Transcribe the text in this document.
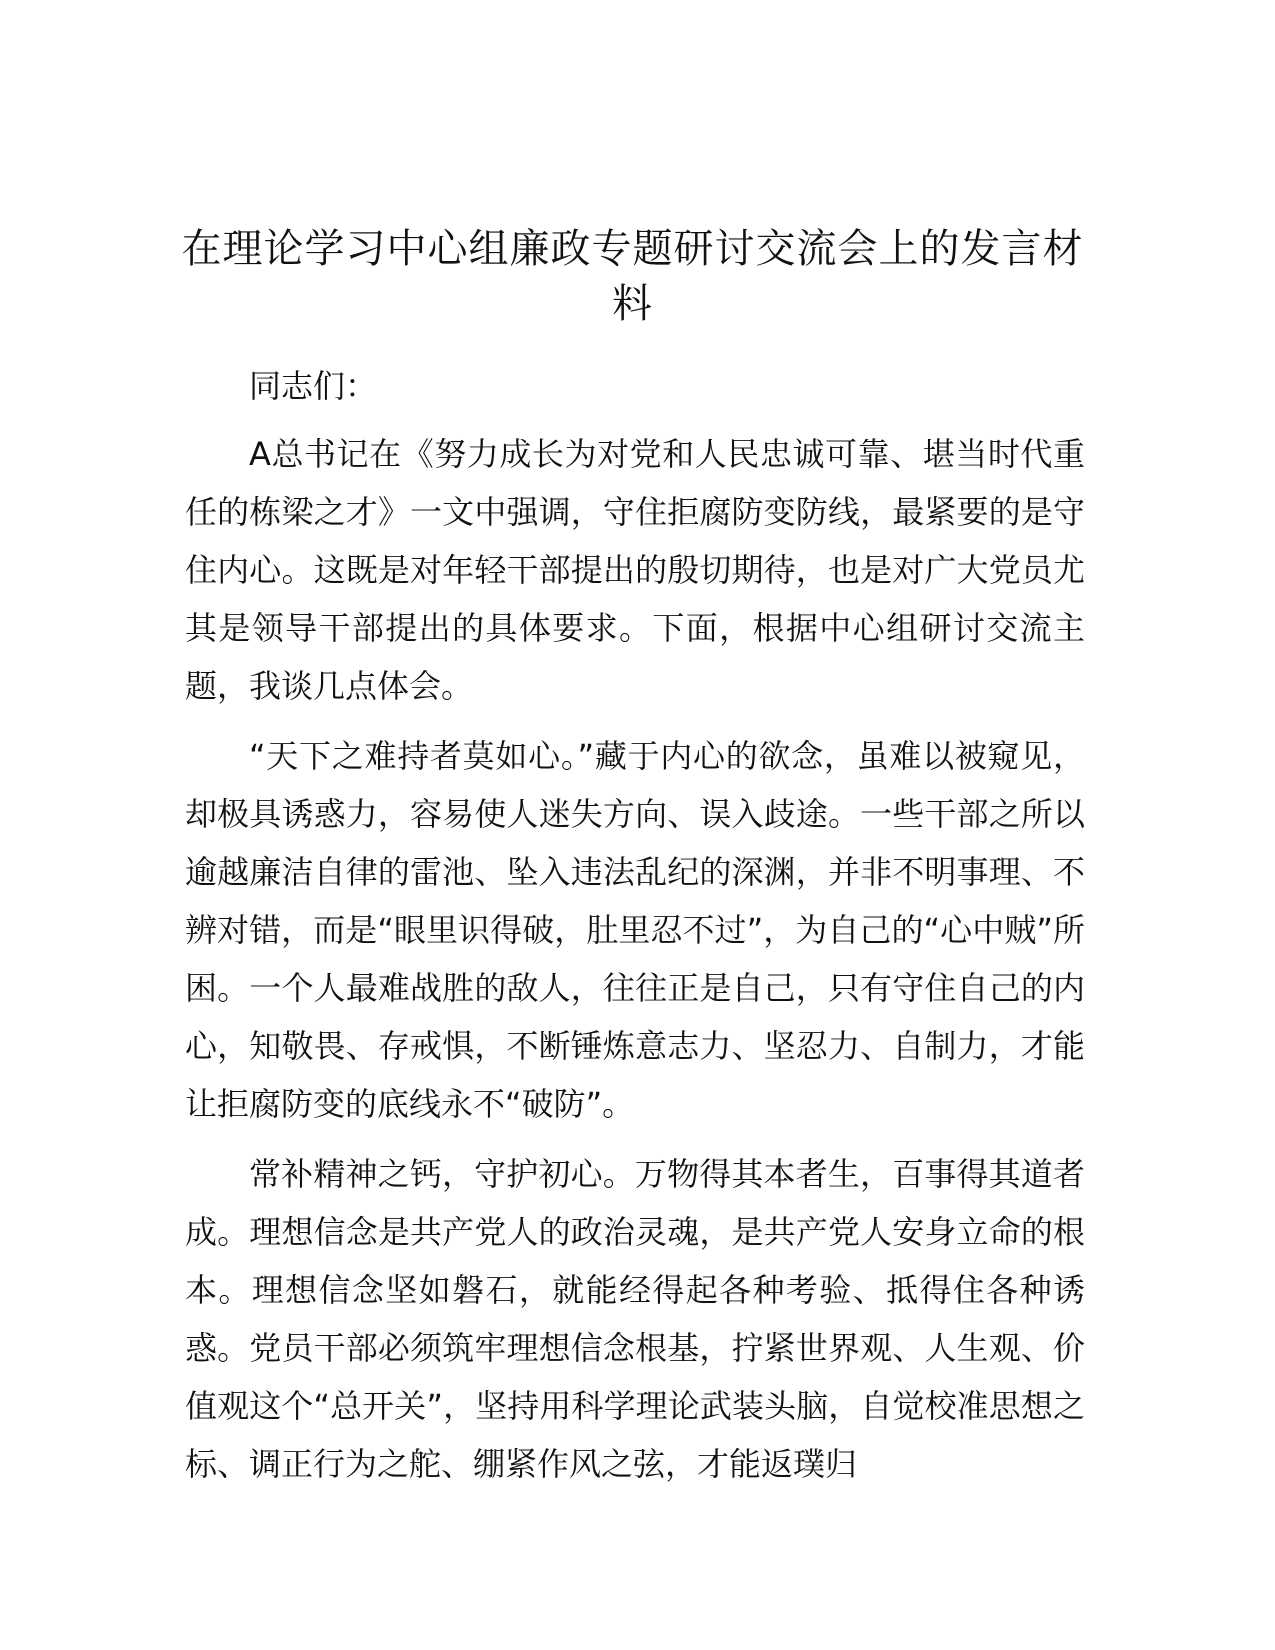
在理论学习中心组廉政专题研讨交流会上的发言材料

同志们：

A总书记在《努力成长为对党和人民忠诚可靠、堪当时代重任的栋梁之才》一文中强调，守住拒腐防变防线，最紧要的是守住内心。这既是对年轻干部提出的殷切期待，也是对广大党员尤其是领导干部提出的具体要求。下面，根据中心组研讨交流主题，我谈几点体会。

“天下之难持者莫如心。”藏于内心的欲念，虽难以被窥见，却极具诱惑力，容易使人迷失方向、误入歧途。一些干部之所以逾越廉洁自律的雷池、坠入违法乱纪的深渊，并非不明事理、不辨对错，而是“眼里识得破，肚里忍不过”，为自己的“心中贼”所困。一个人最难战胜的敌人，往往正是自己，只有守住自己的内心，知敬畏、存戒惧，不断锤炼意志力、坚忍力、自制力，才能让拒腐防变的底线永不“破防”。

常补精神之钙，守护初心。万物得其本者生，百事得其道者成。理想信念是共产党人的政治灵魂，是共产党人安身立命的根本。理想信念坚如磐石，就能经得起各种考验、抵得住各种诱惑。党员干部必须筑牢理想信念根基，拧紧世界观、人生观、价值观这个“总开关”，坚持用科学理论武装头脑，自觉校准思想之标、调正行为之舵、绷紧作风之弦，才能返璞归
